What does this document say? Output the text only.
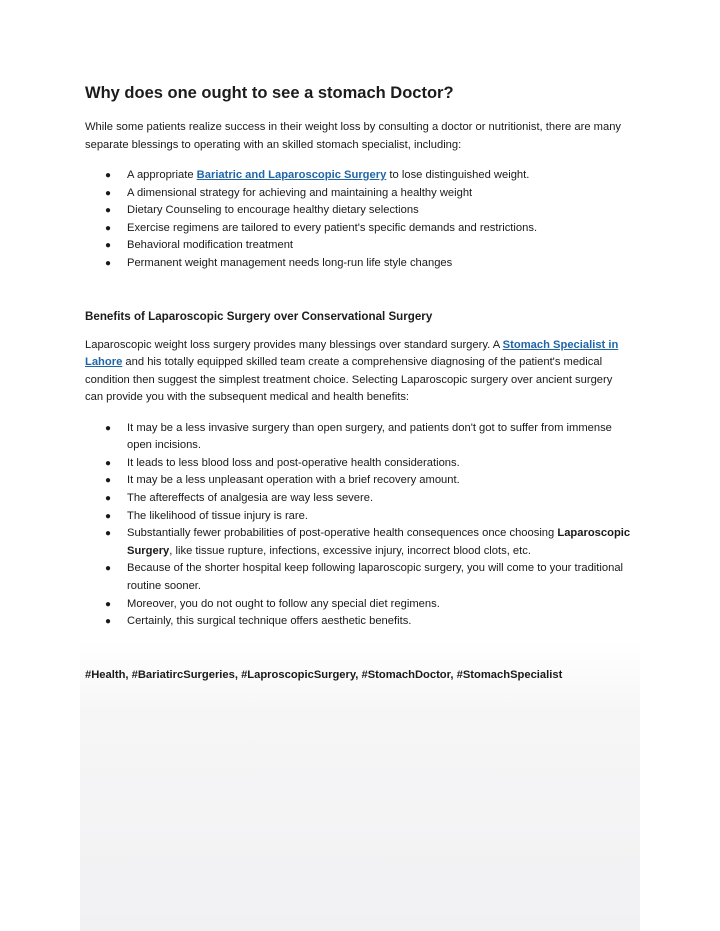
Why does one ought to see a stomach Doctor?

While some patients realize success in their weight loss by consulting a doctor or nutritionist, there are many separate blessings to operating with an skilled stomach specialist, including:

● A appropriate Bariatric and Laparoscopic Surgery to lose distinguished weight.
● A dimensional strategy for achieving and maintaining a healthy weight
● Dietary Counseling to encourage healthy dietary selections
● Exercise regimens are tailored to every patient's specific demands and restrictions.
● Behavioral modification treatment
● Permanent weight management needs long-run life style changes
Benefits of Laparoscopic Surgery over Conservational Surgery

Laparoscopic weight loss surgery provides many blessings over standard surgery. A Stomach Specialist in Lahore and his totally equipped skilled team create a comprehensive diagnosing of the patient's medical condition then suggest the simplest treatment choice. Selecting Laparoscopic surgery over ancient surgery can provide you with the subsequent medical and health benefits:

● It may be a less invasive surgery than open surgery, and patients don't got to suffer from immense open incisions.
● It leads to less blood loss and post-operative health considerations.
● It may be a less unpleasant operation with a brief recovery amount.
● The aftereffects of analgesia are way less severe.
● The likelihood of tissue injury is rare.
● Substantially fewer probabilities of post-operative health consequences once choosing Laparoscopic Surgery, like tissue rupture, infections, excessive injury, incorrect blood clots, etc.
● Because of the shorter hospital keep following laparoscopic surgery, you will come to your traditional routine sooner.
● Moreover, you do not ought to follow any special diet regimens.
● Certainly, this surgical technique offers aesthetic benefits.

#Health, #BariatircSurgeries, #LaproscopicSurgery, #StomachDoctor, #StomachSpecialist
